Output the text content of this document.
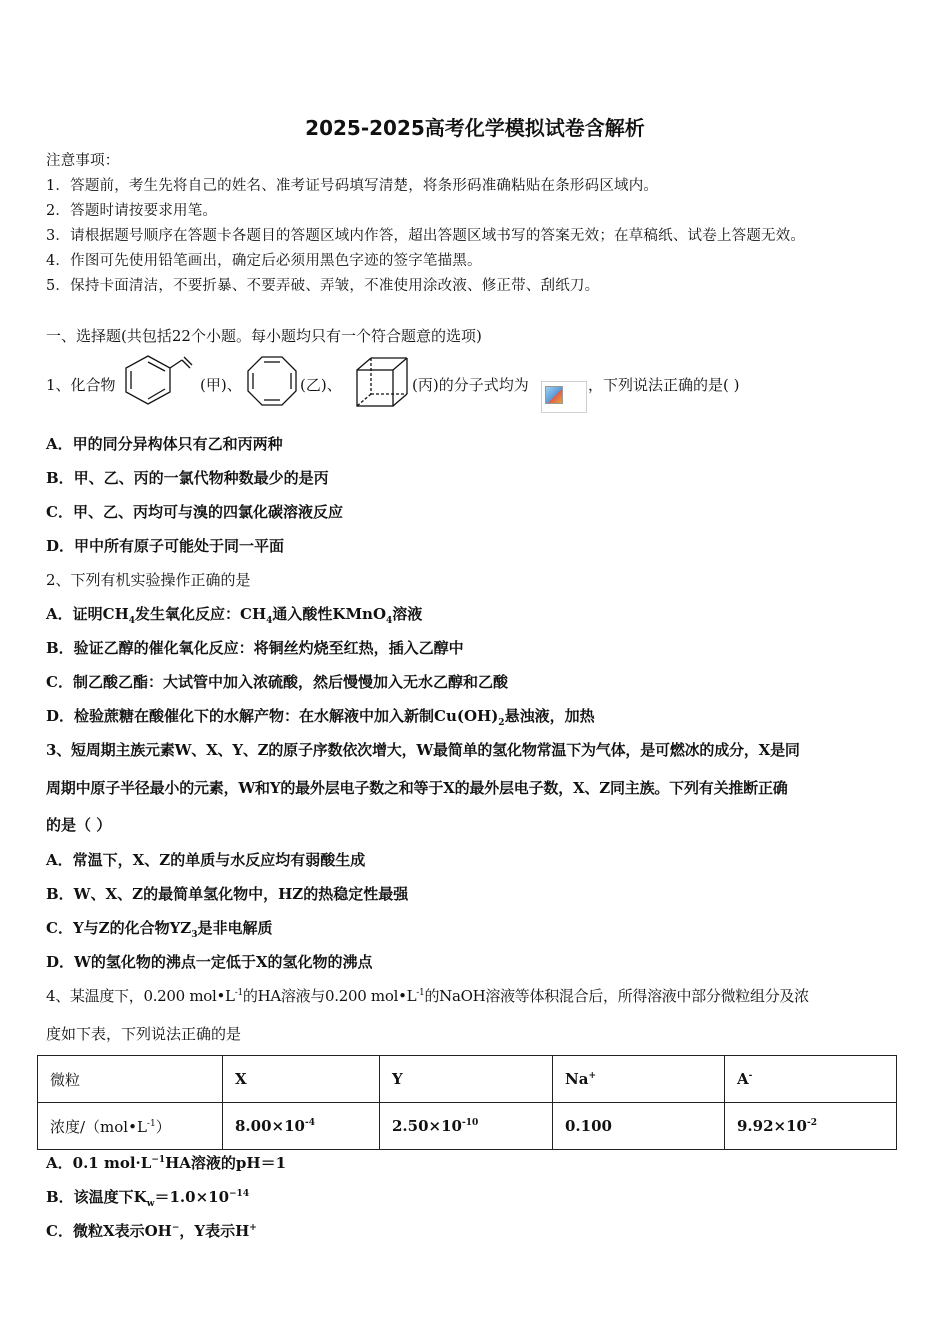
2025-2025高考化学模拟试卷含解析
注意事项：
1．答题前，考生先将自己的姓名、准考证号码填写清楚，将条形码准确粘贴在条形码区域内。
2．答题时请按要求用笔。
3．请根据题号顺序在答题卡各题目的答题区域内作答，超出答题区域书写的答案无效；在草稿纸、试卷上答题无效。
4．作图可先使用铅笔画出，确定后必须用黑色字迹的签字笔描黑。
5．保持卡面清洁，不要折暴、不要弄破、弄皱，不准使用涂改液、修正带、刮纸刀。
一、选择题(共包括22个小题。每小题均只有一个符合题意的选项)
1、化合物	(甲)、	(乙)、	(丙)的分子式均为	，下列说法正确的是( )
A．甲的同分异构体只有乙和丙两种
B．甲、乙、丙的一氯代物种数最少的是丙
C．甲、乙、丙均可与溴的四氯化碳溶液反应
D．甲中所有原子可能处于同一平面
2、下列有机实验操作正确的是
A．证明$CH_4$发生氧化反应：$CH_4$通入酸性KMnO$_4$溶液
B．验证乙醇的催化氧化反应：将铜丝灼烧至红热，插入乙醇中
C．制乙酸乙酯：大试管中加入浓硫酸，然后慢慢加入无水乙醇和乙酸
D．检验蔗糖在酸催化下的水解产物：在水解液中加入新制$Cu(OH)_2$悬浊液，加热
3、短周期主族元素W、X、Y、Z的原子序数依次增大，W最简单的氢化物常温下为气体，是可燃冰的成分，X是同
周期中原子半径最小的元素，W和Y的最外层电子数之和等于X的最外层电子数，X、Z同主族。下列有关推断正确
的是（ ）
A．常温下，X、Z的单质与水反应均有弱酸生成
B．W、X、Z的最简单氢化物中，HZ的热稳定性最强
C．Y与Z的化合物$YZ_3$是非电解质
D．W的氢化物的沸点一定低于X的氢化物的沸点
4、某温度下，0.200 $mol•L^{-1}$的HA溶液与0.200 $mol•L^{-1}$的NaOH溶液等体积混合后，所得溶液中部分微粒组分及浓
度如下表，下列说法正确的是
微粒	X	Y	Na+	A-
浓度$/(mol•L^{-1})$	$8.00\times 10^{-4}$	$2.50\times 10^{-10}$	0.100	$9.92\times 10^{-2}$
A．0.1 $mol\cdot L^{-1}HA$溶液的pH＝1
B．该温度下$K_w=1.0\times 10^{-14}$
C．微粒X表示OH−，Y表示H+
